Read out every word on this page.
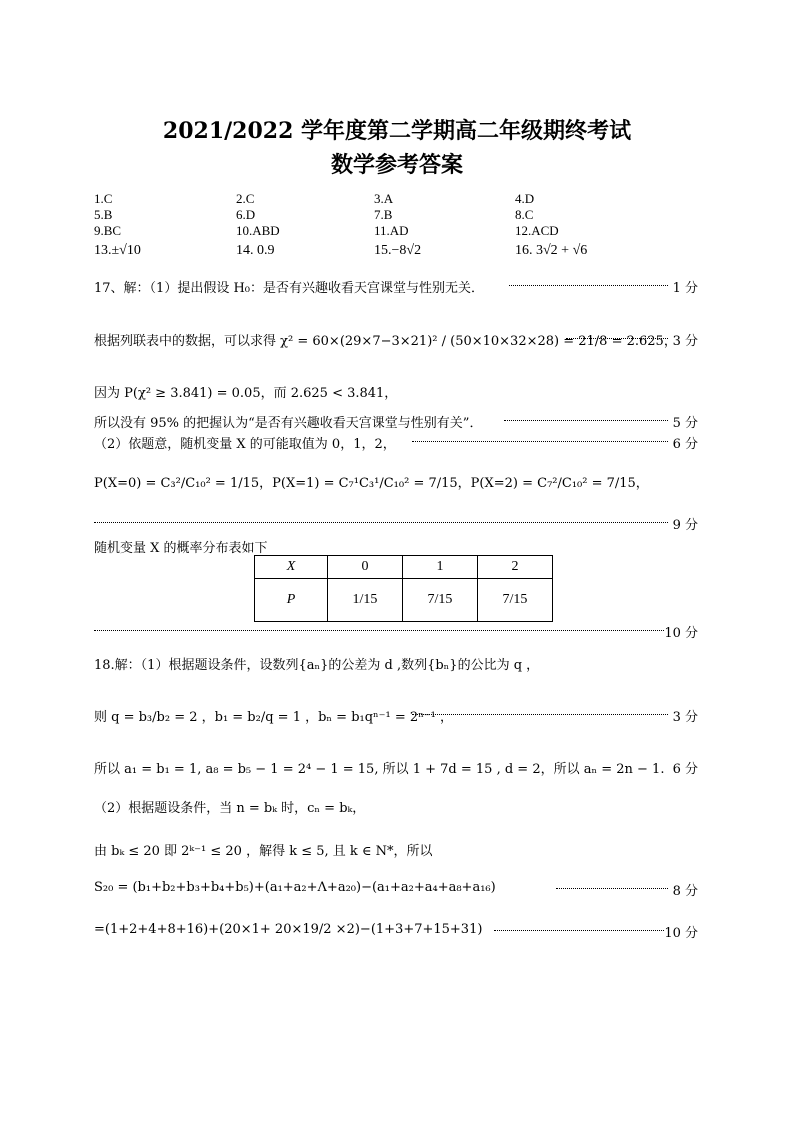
2021/2022 学年度第二学期高二年级期终考试
数学参考答案
1.C	2.C	3.A	4.D
5.B	6.D	7.B	8.C
9.BC	10.ABD	11.AD	12.ACD
13.±√10	14. 0.9	15.−8√2	16. 3√2 + √6
17、解：（1）提出假设 H₀：是否有兴趣收看天宫课堂与性别无关．	1 分
根据列联表中的数据，可以求得 χ² = 60×(29×7−3×21)² / (50×10×32×28) = 21/8 = 2.625，
3 分
因为 P(χ² ≥ 3.841) = 0.05，而 2.625 < 3.841，
所以没有 95% 的把握认为“是否有兴趣收看天宫课堂与性别有关”．	5 分
（2）依题意，随机变量 X 的可能取值为 0，1，2，	6 分
P(X=0) = C₃²/C₁₀² = 1/15，P(X=1) = C₇¹C₃¹/C₁₀² = 7/15，P(X=2) = C₇²/C₁₀² = 7/15，
9 分
随机变量 X 的概率分布表如下
X	0	1	2
P	1/15	7/15	7/15
10 分
18.解：（1）根据题设条件，设数列{aₙ}的公差为 d ,数列{bₙ}的公比为 q ，
则 q = b₃/b₂ = 2 ，b₁ = b₂/q = 1 ，bₙ = b₁qⁿ⁻¹ = 2ⁿ⁻¹ ，	3 分
所以 a₁ = b₁ = 1, a₈ = b₅ − 1 = 2⁴ − 1 = 15, 所以 1 + 7d = 15 , d = 2，所以 aₙ = 2n − 1. 6 分
（2）根据题设条件，当 n = bₖ 时，cₙ = bₖ，
由 bₖ ≤ 20 即 2ᵏ⁻¹ ≤ 20 ，解得 k ≤ 5, 且 k ∈ N*，所以
S₂₀ = (b₁+b₂+b₃+b₄+b₅)+(a₁+a₂+Λ+a₂₀)−(a₁+a₂+a₄+a₈+a₁₆)	8 分
=(1+2+4+8+16)+(20×1+ 20×19/2 ×2)−(1+3+7+15+31)	10 分
